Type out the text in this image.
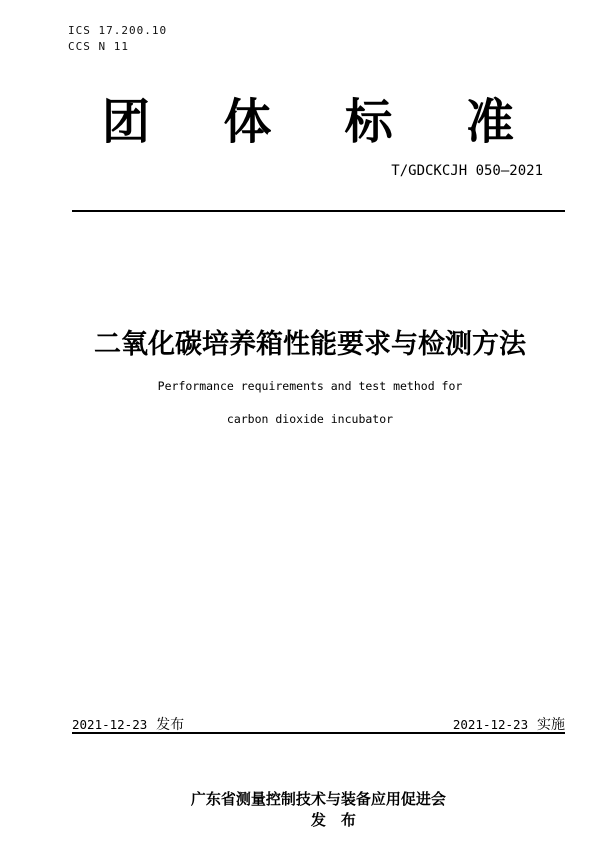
ICS 17.200.10
CCS N 11
团 体 标 准
T/GDCKCJH 050—2021
二氧化碳培养箱性能要求与检测方法
Performance requirements and test method for
carbon dioxide incubator
2021-12-23 发布	2021-12-23 实施

广东省测量控制技术与装备应用促进会
发　布
